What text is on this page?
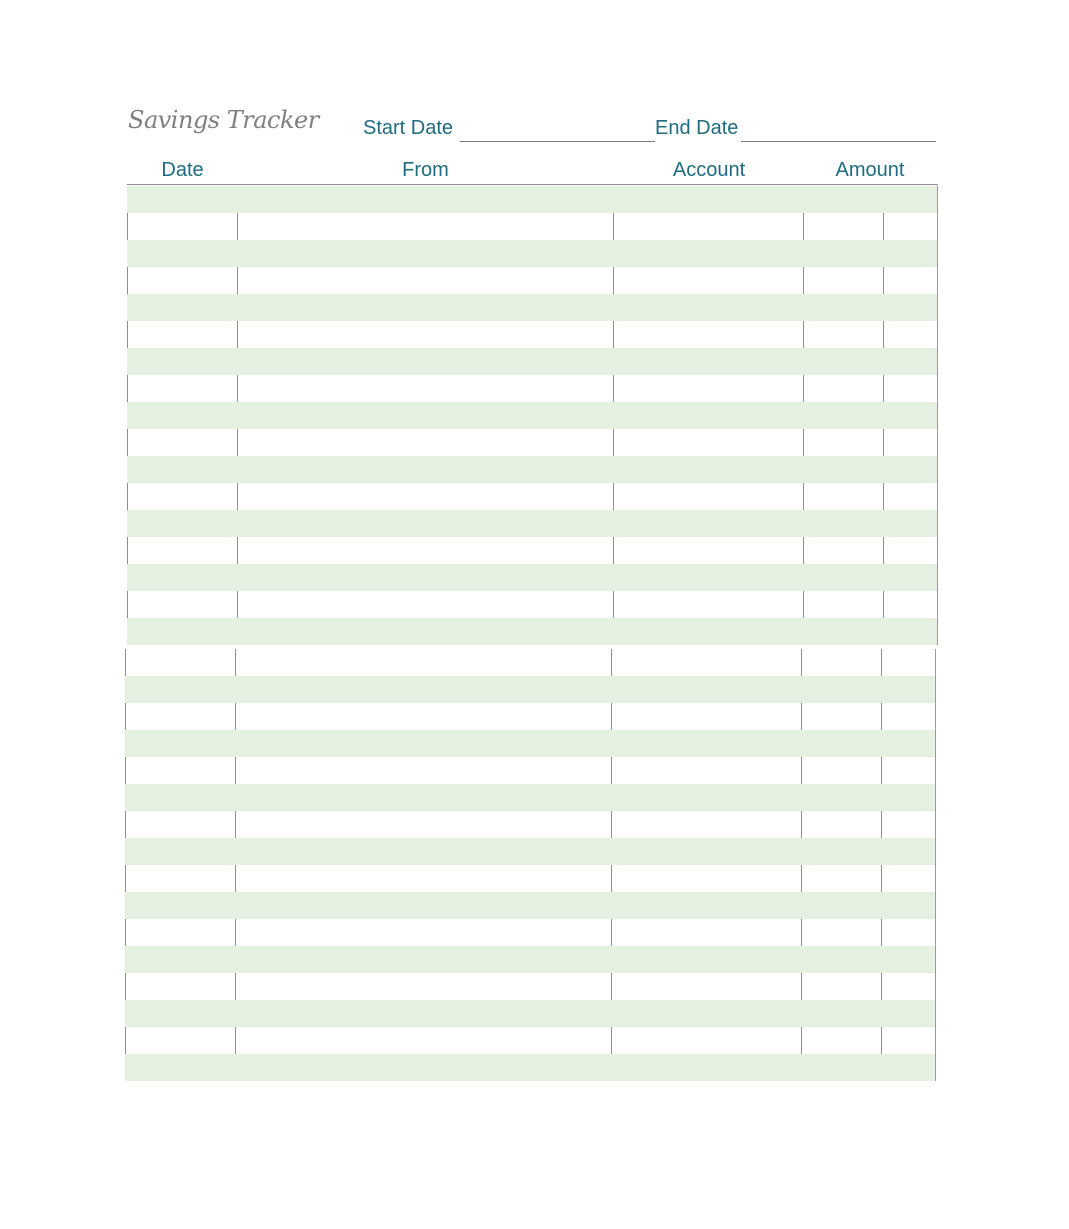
Savings Tracker Start Date	End Date
Date	From	Account	Amount
